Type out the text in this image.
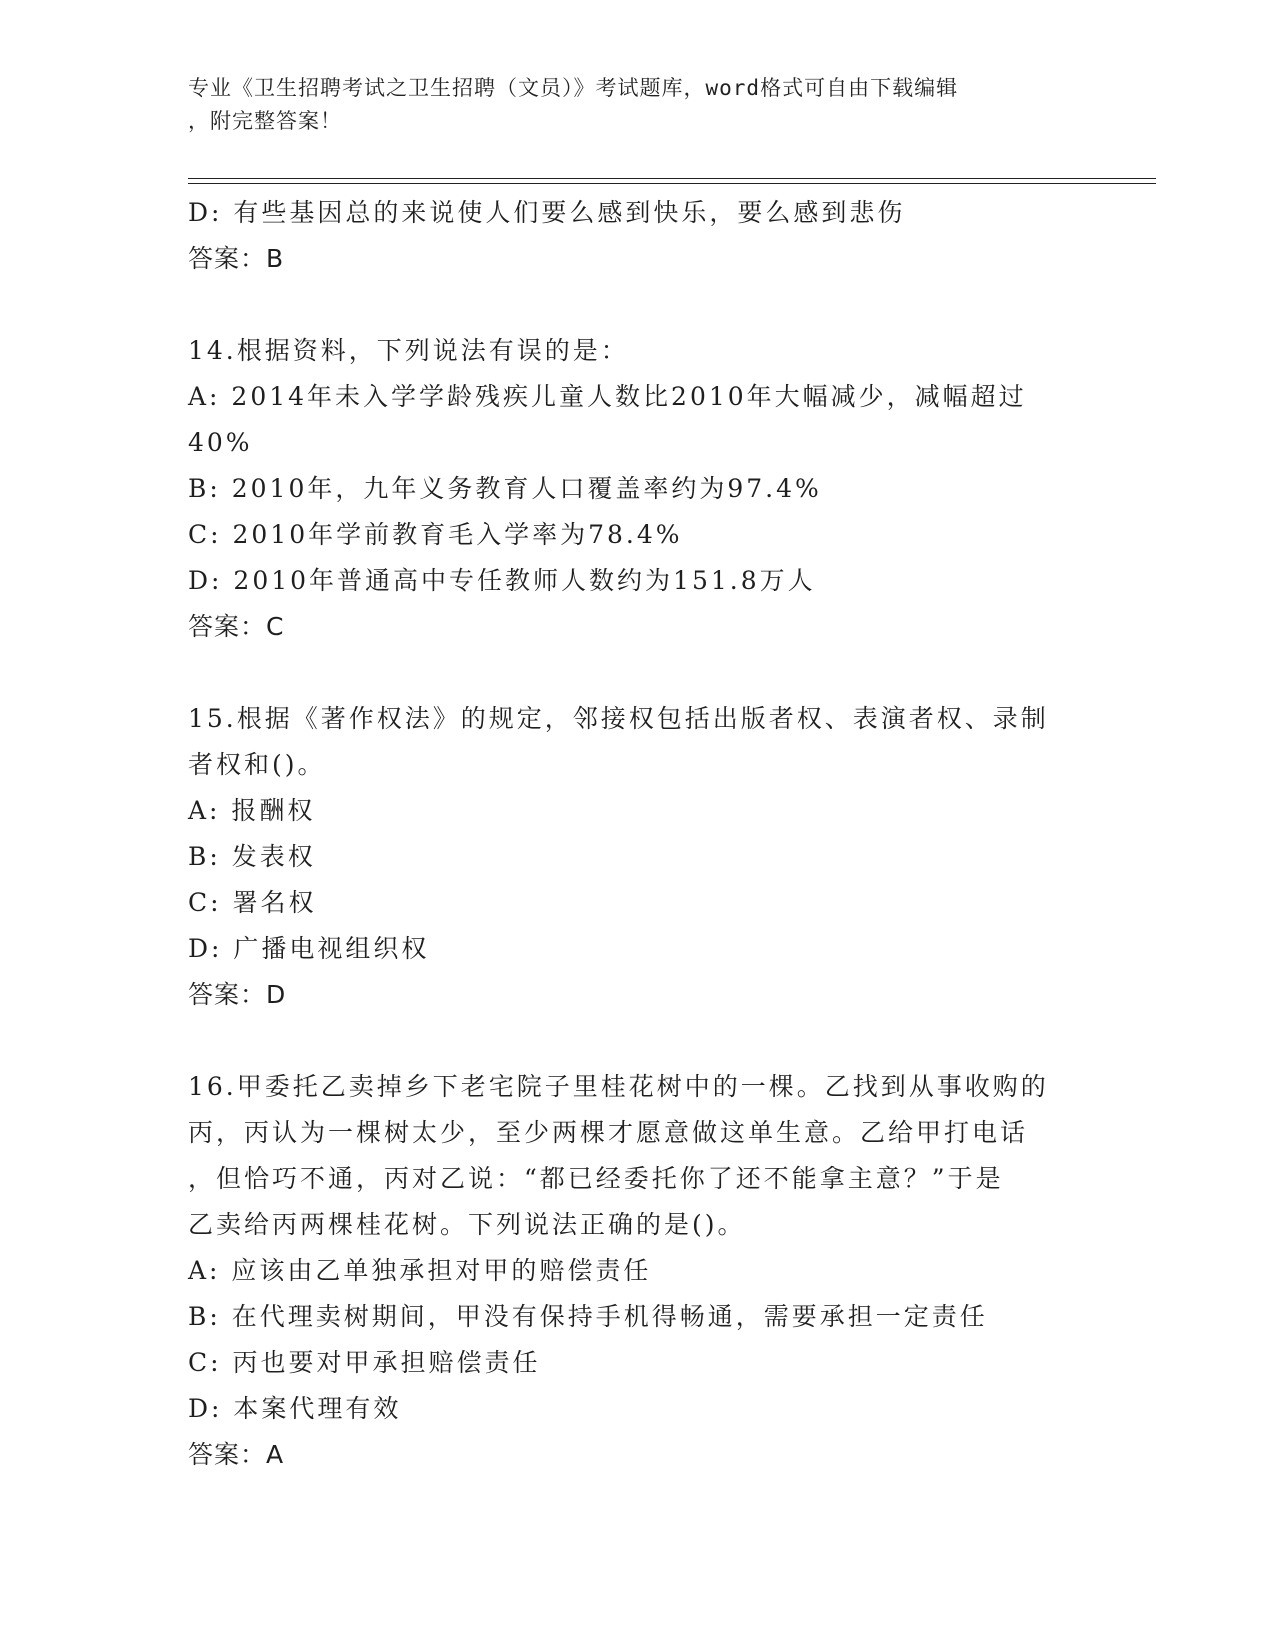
专业《卫生招聘考试之卫生招聘（文员）》考试题库，word格式可自由下载编辑
，附完整答案！
D: 有些基因总的来说使人们要么感到快乐，要么感到悲伤
答案：B
14.根据资料，下列说法有误的是：
A: 2014年未入学学龄残疾儿童人数比2010年大幅减少，减幅超过
40%
B: 2010年，九年义务教育人口覆盖率约为97.4%
C: 2010年学前教育毛入学率为78.4%
D: 2010年普通高中专任教师人数约为151.8万人
答案：C
15.根据《著作权法》的规定，邻接权包括出版者权、表演者权、录制
者权和()。
A: 报酬权
B: 发表权
C: 署名权
D: 广播电视组织权
答案：D
16.甲委托乙卖掉乡下老宅院子里桂花树中的一棵。乙找到从事收购的
丙，丙认为一棵树太少，至少两棵才愿意做这单生意。乙给甲打电话
，但恰巧不通，丙对乙说：“都已经委托你了还不能拿主意？”于是
乙卖给丙两棵桂花树。下列说法正确的是()。
A: 应该由乙单独承担对甲的赔偿责任
B: 在代理卖树期间，甲没有保持手机得畅通，需要承担一定责任
C: 丙也要对甲承担赔偿责任
D: 本案代理有效
答案：A
